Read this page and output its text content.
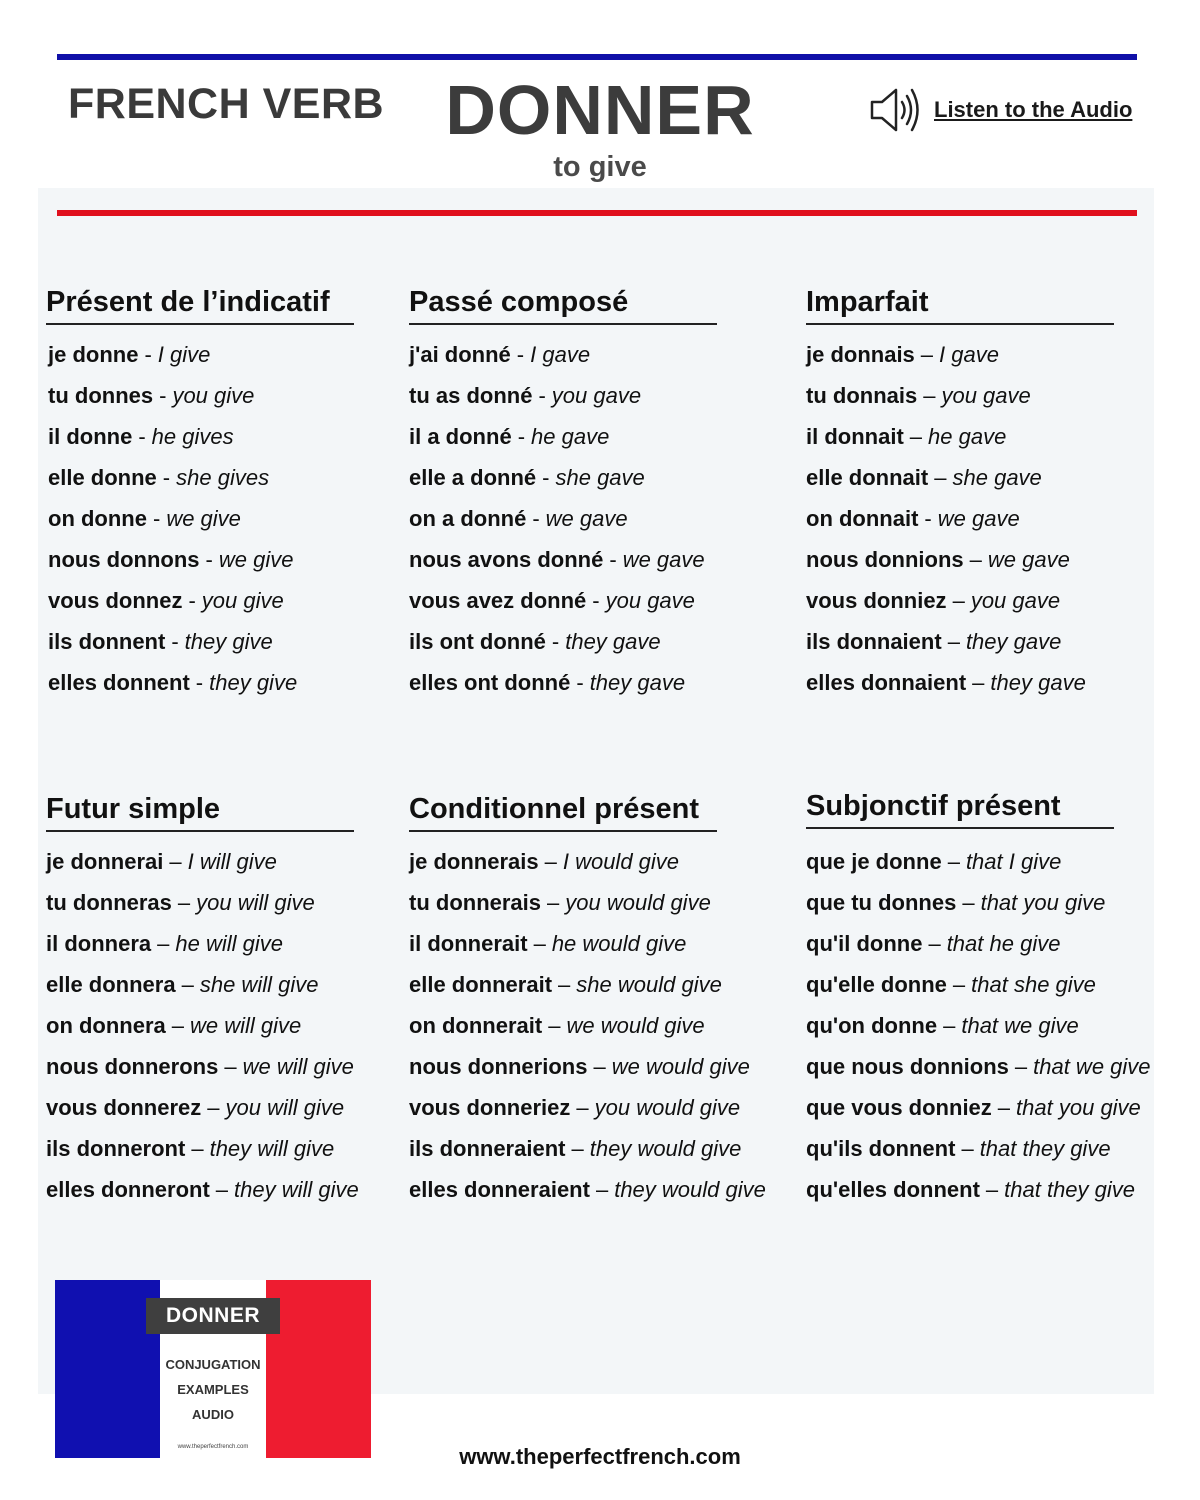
FRENCH VERB DONNER
to give
Listen to the Audio
Présent de l’indicatif
je donne - I give
tu donnes - you give
il donne - he gives
elle donne - she gives
on donne - we give
nous donnons - we give
vous donnez - you give
ils donnent - they give
elles donnent - they give
Passé composé
j'ai donné - I gave
tu as donné - you gave
il a donné - he gave
elle a donné - she gave
on a donné - we gave
nous avons donné - we gave
vous avez donné - you gave
ils ont donné - they gave
elles ont donné - they gave
Imparfait
je donnais – I gave
tu donnais – you gave
il donnait – he gave
elle donnait – she gave
on donnait - we gave
nous donnions – we gave
vous donniez – you gave
ils donnaient – they gave
elles donnaient – they gave
Futur simple
je donnerai – I will give
tu donneras – you will give
il donnera – he will give
elle donnera – she will give
on donnera – we will give
nous donnerons – we will give
vous donnerez – you will give
ils donneront – they will give
elles donneront – they will give
Conditionnel présent
je donnerais – I would give
tu donnerais – you would give
il donnerait – he would give
elle donnerait – she would give
on donnerait – we would give
nous donnerions – we would give
vous donneriez – you would give
ils donneraient – they would give
elles donneraient – they would give
Subjonctif présent
que je donne – that I give
que tu donnes – that you give
qu'il donne – that he give
qu'elle donne – that she give
qu'on donne – that we give
que nous donnions – that we give
que vous donniez – that you give
qu'ils donnent – that they give
qu'elles donnent – that they give
DONNER
CONJUGATION
EXAMPLES
AUDIO
www.theperfectfrench.com	www.theperfectfrench.com
